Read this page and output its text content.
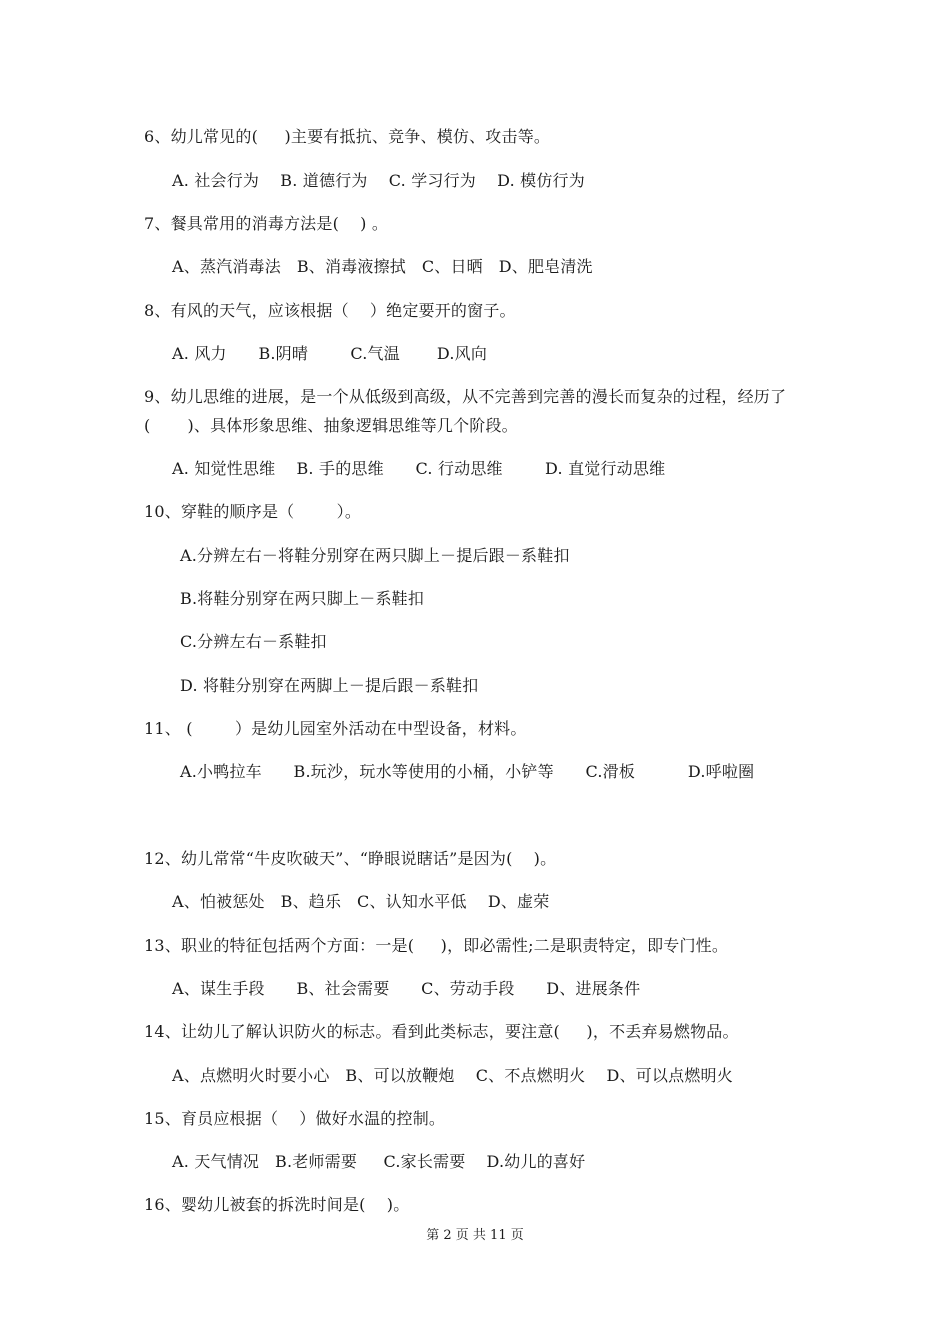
6、幼儿常见的(     )主要有抵抗、竞争、模仿、攻击等。
A. 社会行为    B. 道德行为    C. 学习行为    D. 模仿行为
7、餐具常用的消毒方法是(    ) 。
A、蒸汽消毒法   B、消毒液擦拭   C、日晒   D、肥皂清洗
8、有风的天气，应该根据（    ）绝定要开的窗子。
A. 风力      B.阴晴        C.气温       D.风向
9、幼儿思维的进展，是一个从低级到高级，从不完善到完善的漫长而复杂的过程，经历了
(       )、具体形象思维、抽象逻辑思维等几个阶段。
A. 知觉性思维    B. 手的思维      C. 行动思维        D. 直觉行动思维
10、穿鞋的顺序是（        ）。
A.分辨左右－将鞋分别穿在两只脚上－提后跟－系鞋扣
B.将鞋分别穿在两只脚上－系鞋扣
C.分辨左右－系鞋扣
D. 将鞋分别穿在两脚上－提后跟－系鞋扣
11、 (        ）是幼儿园室外活动在中型设备，材料。
A.小鸭拉车      B.玩沙，玩水等使用的小桶，小铲等      C.滑板          D.呼啦圈
12、幼儿常常“牛皮吹破天”、“睁眼说瞎话”是因为(    )。
A、怕被惩处   B、趋乐   C、认知水平低    D、虚荣
13、职业的特征包括两个方面：一是(     )，即必需性;二是职责特定，即专门性。
A、谋生手段      B、社会需要      C、劳动手段      D、进展条件
14、让幼儿了解认识防火的标志。看到此类标志，要注意(     )，不丢弃易燃物品。
A、点燃明火时要小心   B、可以放鞭炮    C、不点燃明火    D、可以点燃明火
15、育员应根据（    ）做好水温的控制。
A. 天气情况   B.老师需要     C.家长需要    D.幼儿的喜好
16、婴幼儿被套的拆洗时间是(    )。
第 2 页 共 11 页
